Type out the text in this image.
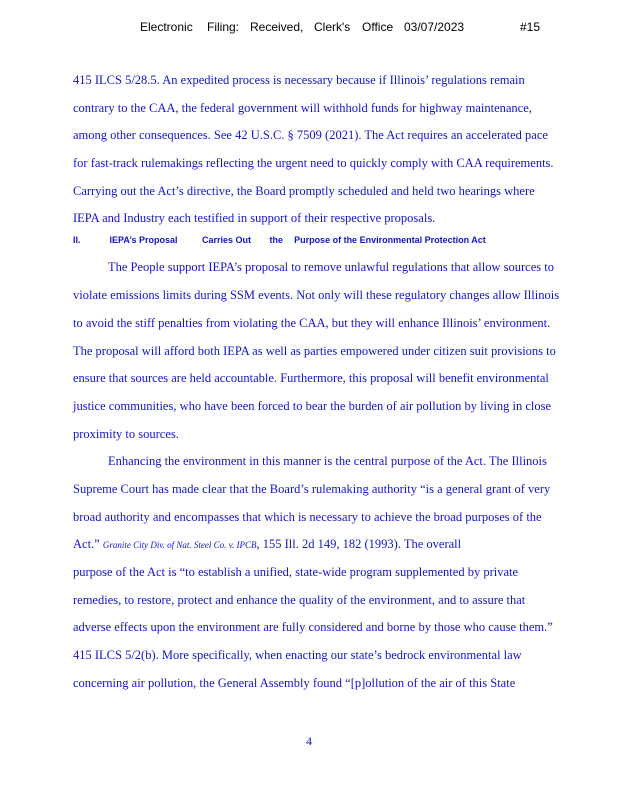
Electronic Filing: Received, Clerk's Office 03/07/2023	#15
415 ILCS 5/28.5. An expedited process is necessary because if Illinois’ regulations remain
contrary to the CAA, the federal government will withhold funds for highway maintenance,
among other consequences. See 42 U.S.C. § 7509 (2021). The Act requires an accelerated pace
for fast-track rulemakings reflecting the urgent need to quickly comply with CAA requirements.
Carrying out the Act’s directive, the Board promptly scheduled and held two hearings where
IEPA and Industry each testified in support of their respective proposals.
II.	IEPA’s Proposal	Carries Out the Purpose of the Environmental Protection Act
The People support IEPA’s proposal to remove unlawful regulations that allow sources to
violate emissions limits during SSM events. Not only will these regulatory changes allow Illinois
to avoid the stiff penalties from violating the CAA, but they will enhance Illinois’ environment.
The proposal will afford both IEPA as well as parties empowered under citizen suit provisions to
ensure that sources are held accountable. Furthermore, this proposal will benefit environmental
justice communities, who have been forced to bear the burden of air pollution by living in close
proximity to sources.
Enhancing the environment in this manner is the central purpose of the Act. The Illinois
Supreme Court has made clear that the Board’s rulemaking authority “is a general grant of very
broad authority and encompasses that which is necessary to achieve the broad purposes of the
Act.” Granite City Div. of Nat. Steel Co. v. IPCB, 155 Ill. 2d 149, 182 (1993). The overall
purpose of the Act is “to establish a unified, state-wide program supplemented by private
remedies, to restore, protect and enhance the quality of the environment, and to assure that
adverse effects upon the environment are fully considered and borne by those who cause them.”
415 ILCS 5/2(b). More specifically, when enacting our state’s bedrock environmental law
concerning air pollution, the General Assembly found “[p]ollution of the air of this State
4
